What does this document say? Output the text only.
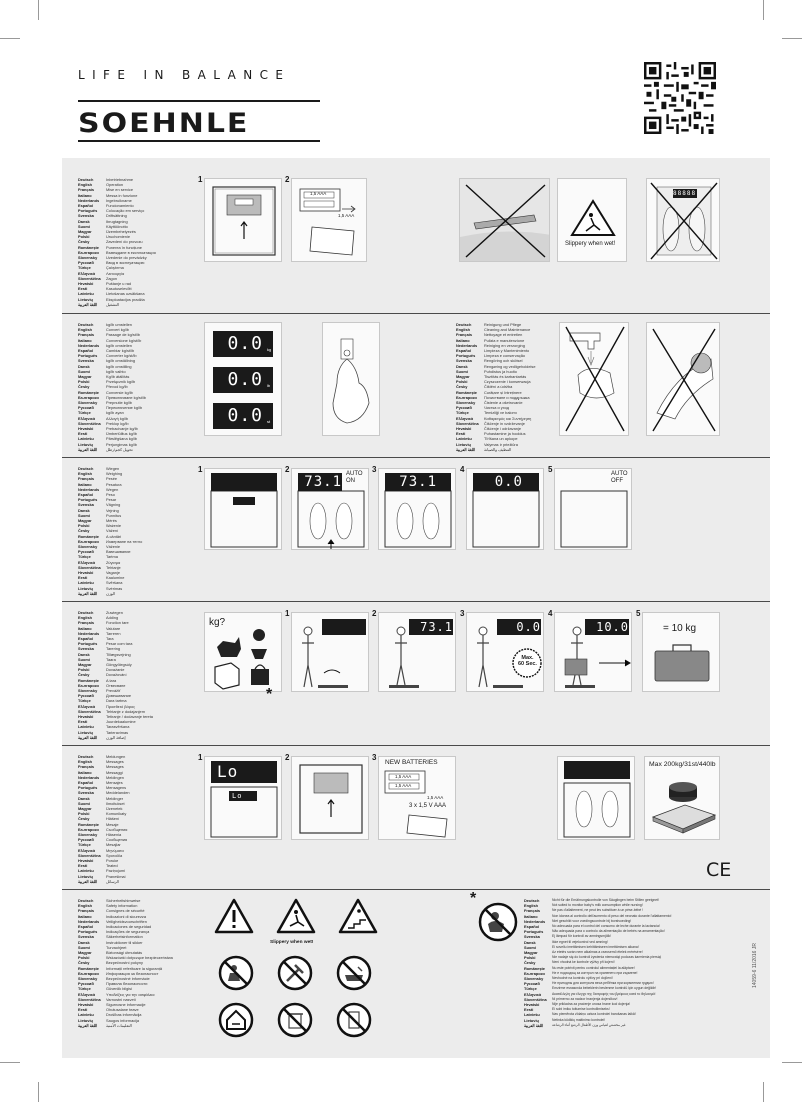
LIFE IN BALANCE
SOEHNLE
Deutsch	Inbetriebnahme
English	Operation
Français	Mise en service
Italiano	Messa in funzione
Nederlands	Ingebruikname
Español	Funcionamiento
Português	Colocação em serviço
Svenska	Driftsättning
Dansk	Ibrugtagning
Suomi	Käyttöönotto
Magyar	Üzembehelyezés
Polski	Uruchomienie
Česky	Zavedení do provozu
Românește	Punerea în funcțiune
Български	Въвеждане в експлоатация
Slovensky	Uvedenie do prevádzky
Русский	Ввод в эксплуатацию
Türkçe	Çalıştırma
Ελληνικά	Λειτουργία
Slovenščina	Zagon
Hrvatski	Puštanje u rad
Eesti	Kasutuselevõtt
Latviešu	Lietošanas uzsākšana
Lietuvių	Eksploatacijos pradžia
اللغة العربية	التشغيل
Deutsch	kg/lb umstellen
English	Convert kg/lb
Français	Passage de kg/st/lb
Italiano	Conversione kg/st/lb
Nederlands	kg/lb omstellen
Español	Cambiar kg/st/lb
Português	Converter kg/st/lb
Svenska	kg/lb omställning
Dansk	kg/lb omstilling
Suomi	kg/lb vaihto
Magyar	Kg/lb átállítás
Polski	Przełącznik kg/lb
Česky	Převod kg/lb
Românește	Conversie kg/lb
Български	Превключване kg/st/lb
Slovensky	Prepnutie kg/lb
Русский	Переключение kg/lb
Türkçe	kg/lb ayarı
Ελληνικά	Αλλαγή kg/lb
Slovenščina	Preklop kg/lb
Hrvatski	Prebacivanje kg/lb
Eesti	Ümberlülitus kg/lb
Latviešu	Pārslēgšana kg/lb
Lietuvių	Perjungimas kg/lb
اللغة العربية	تحويل كجم/رطل
Deutsch	Reinigung und Pflege
English	Cleaning and Maintenance
Français	Nettoyage et entretien
Italiano	Pulizia e manutenzione
Nederlands	Reiniging en verzorging
Español	Limpieza y Mantenimiento
Português	Limpeza e conservação
Svenska	Rengöring och skötsel
Dansk	Rengøring og vedligeholdelse
Suomi	Puhdistus ja huolto
Magyar	Tisztítás és karbantartás
Polski	Czyszczenie i konserwacja
Česky	Čištění a údržba
Românește	Curățare și întreținere
Български	Почистване и поддръжка
Slovensky	Čistenie a ošetrovanie
Русский	Чистка и уход
Türkçe	Temizliği ve bakımı
Ελληνικά	Καθαρισμός και Συντήρηση
Slovenščina	Čiščenje in vzdrževanje
Hrvatski	Čišćenje i održavanje
Eesti	Puhastamine ja hooldus
Latviešu	Tīrīšana un apkope
Lietuvių	Valymas ir priežiūra
اللغة العربية	التنظيف والصيانة
Deutsch	Wiegen
English	Weighing
Français	Pesée
Italiano	Pesatura
Nederlands	Wegen
Español	Peso
Português	Pesar
Svenska	Vägning
Dansk	Vejning
Suomi	Punnitus
Magyar	Mérés
Polski	Ważenie
Česky	Vážení
Românește	A cântări
Български	Измерване на тегло
Slovensky	Váženie
Русский	Взвешивание
Türkçe	Tartma
Ελληνικά	Ζύγισμα
Slovenščina	Tehtanje
Hrvatski	Vaganje
Eesti	Kaalumine
Latviešu	Svēršana
Lietuvių	Svėrimas
اللغة العربية	الوزن
Deutsch	Zuwiegen
English	Adding
Français	Fonction tare
Italiano	Valutare
Nederlands	Tarreren
Español	Tara
Português	Pesar com tara
Svenska	Tarering
Dansk	Tillægsvejning
Suomi	Taara
Magyar	Göngyölegsúly
Polski	Dovażanie
Česky	Dovažování
Românește	A tara
Български	Отвесване
Slovensky	Prevážiť
Русский	Довешивание
Türkçe	Dara tartma
Ελληνικά	Προσθετό βάρος
Slovenščina	Tehtanje z dodajanjem
Hrvatski	Tetiranje / dodavanje tereta
Eesti	Juurdekaalumine
Latviešu	Tarasvēršana
Lietuvių	Tarieravimas
اللغة العربية	إضافة الوزن
Deutsch	Meldungen
English	Messages
Français	Messages
Italiano	Messaggi
Nederlands	Meldingen
Español	Mensajes
Português	Mensagens
Svenska	Meddelanden
Dansk	Meldinger
Suomi	Ilmoitukset
Magyar	Üzenetek
Polski	Komunikaty
Česky	Hlášení
Românește	Mesaje
Български	Съобщения
Slovensky	Hlásenia
Русский	Сообщения
Türkçe	Mesajlar
Ελληνικά	Μηνύματα
Slovenščina	Sporočila
Hrvatski	Poruke
Eesti	Teated
Latviešu	Paziņojumi
Lietuvių	Pranešimai
اللغة العربية	الرسائل
Deutsch	Sicherheitshinweise
English	Safety information
Français	Consignes de sécurité
Italiano	Indicazioni di sicurezza
Nederlands	Veiligheidsvoorschriften
Español	Indicaciones de seguridad
Português	Indicações de segurança
Svenska	Säkerhetsinformation
Dansk	Instruktioner til sikker
Suomi	Turvaohjeet
Magyar	Biztonsági útmutatás
Polski	Wskazówki dotyczące bezpieczeństwa
Česky	Bezpečnostní pokyny
Românește	Informații referitoare la siguranță
Български	Информация за безопасност
Slovensky	Bezpečnostné informácie
Русский	Правила безопасности
Türkçe	Güvenlik bilgisi
Ελληνικά	Υποδείξεις για την ασφάλεια
Slovenščina	Varnostni nasveti
Hrvatski	Sigurnosne informacije
Eesti	Ohutusalane teave
Latviešu	Drošības informācija
Lietuvių	Saugos informacija
اللغة العربية	التعليمات الأمنية
Deutsch	Nicht für die Ernährungskontrolle von Säuglingen beim Stillen geeignet!
English	Not suited to monitor baby's milk consumption while nursing!
Français	Ne pas d'allaitement, ne peut les substituer à un pèse-bébé !
Italiano	Non idonea al controllo dell'aumento di peso del neonato durante l'allattamento!
Nederlands	Niet geschikt voor voedingscontrole bij borstvoeding!
Español	No adecuada para el control del consumo de leche durante la lactancia!
Português	Não adequada para o controlo da alimentação de bebés na amamentação!
Svenska	Ej lämpad för kontroll av amningsmjölk!
Dansk	Ikke egnet til vejekontrol ved amning!
Suomi	Ei sovellu imettämisen kehittämiseen imettämisen aikana!
Magyar	Az etetés során nem alkalmas a csecsemő ételek mérésére!
Polski	Nie nadaje się do kontroli żywienia niemowląt podczas karmienia piersią!
Česky	Není vhodná ke kontrole výživy při kojení!
Românește	Nu este potrivit pentru controlul alimentației la alăptare!
Български	Не е подходящ за контрол на храненето при кърмене!
Slovensky	Nevhodné na kontrolu výživy pri dojčení!
Русский	Не пригодны для контроля веса ребёнка при кормлении грудью!
Türkçe	Emzirme esnasında bebeklerin beslenme kontrolü için uygun değildir!
Ελληνικά	Ακατάλληλη για έλεγχο της διατροφής του βρέφους κατά το θηλασμό!
Slovenščina	Ni primerno za nadzor hranjenja dojenčkov!
Hrvatski	Nije prikladna za praćenje unosa hrane kod dojenja!
Eesti	Ei sobi imiku toitumise kontrollimiseks!
Latviešu	Nav piemērota zīdaiņu uztura kontrolei barošanas laikā!
Lietuvių	Netinka kūdikių maitinimo kontrolei!
اللغة العربية	غير مخصص لقياس وزن الأطفال الرضع أثناء الرضاعة
1	2
1,5 AAA
1,5 AAA
Slippery when wet!
88888
0.0
0.0
0.0
kg
lb
st
1	2	3	4	5
73.1 AUTO
ON	73.1	0.0	AUTO
OFF
kg?
*
1	2	3	4	5
73.1	0.0
Max.
60 Sec.
10.0	= 10 kg
1
Lo
Lo
2	3
NEW BATTERIES
1,5 AAA
1,5 AAA
1,5 AAA
3 x 1,5 V AAA
Max 200kg/31st/440lb
CE
Slippery when wet!
*
14059-6 11/2016 JR
